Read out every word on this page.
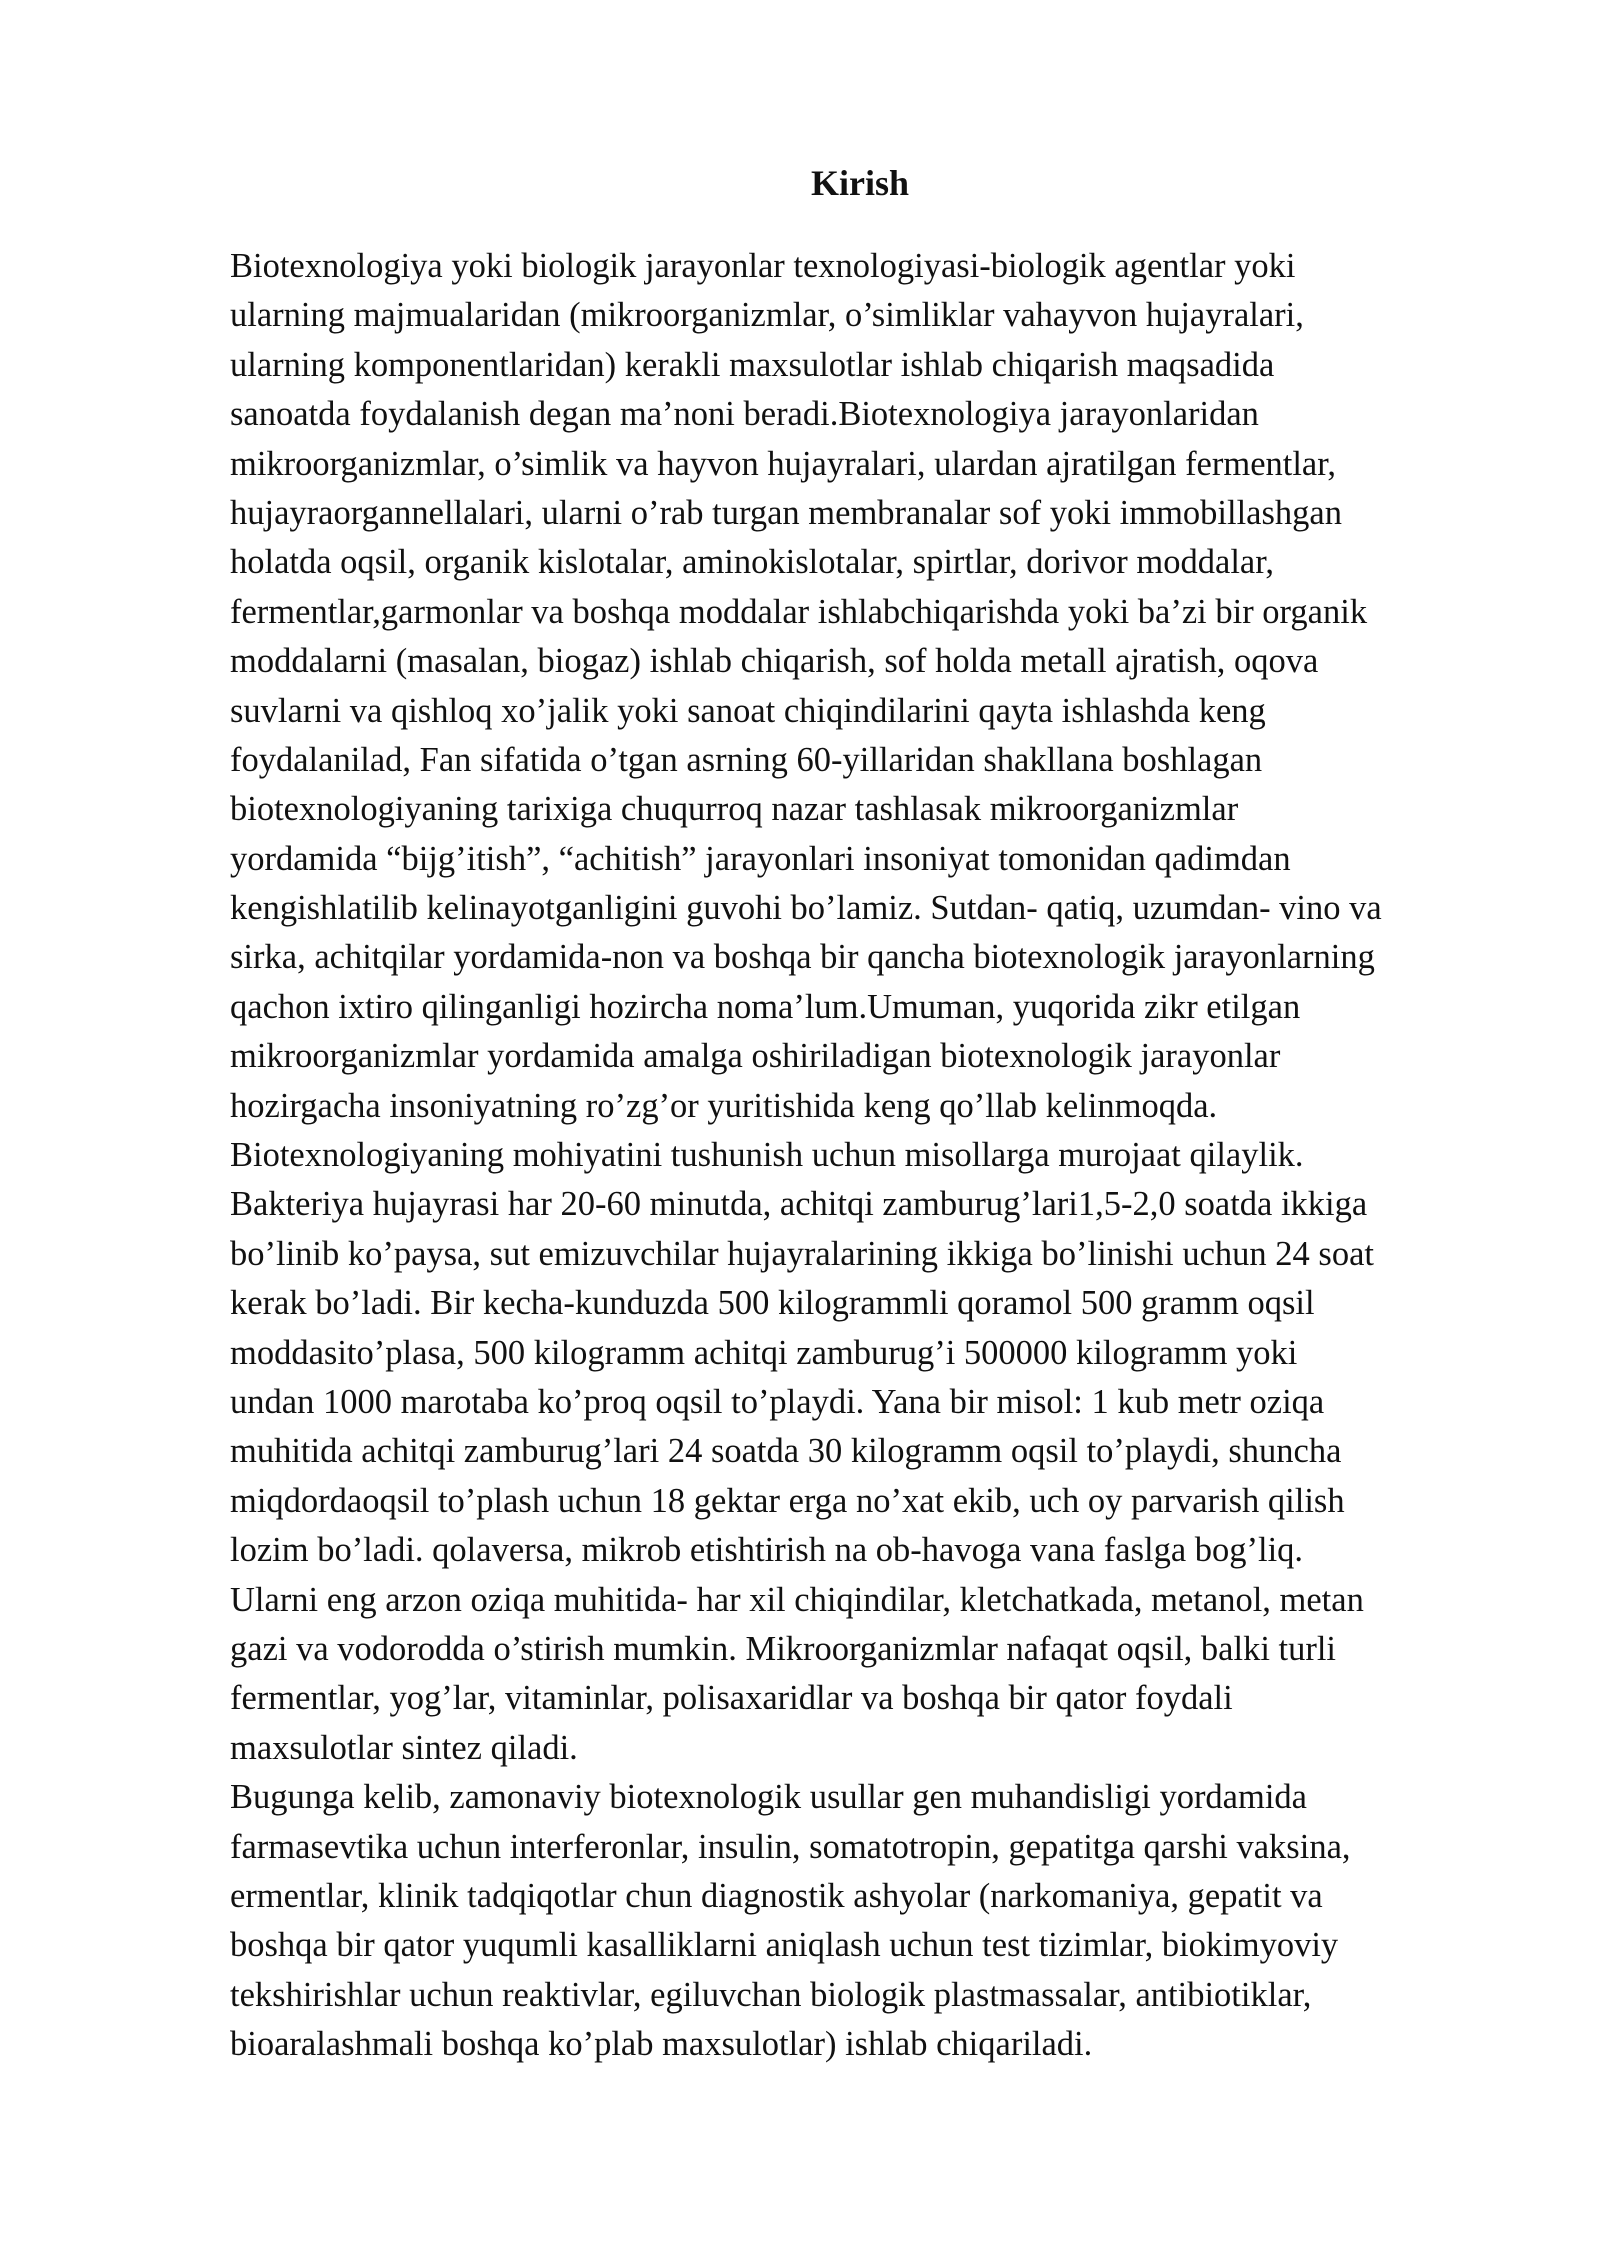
Kirish
Biotexnologiya yoki biologik jarayonlar texnologiyasi-biologik agentlar yoki
ularning majmualaridan (mikroorganizmlar, o’simliklar vahayvon hujayralari,
ularning komponentlaridan) kerakli maxsulotlar ishlab chiqarish maqsadida
sanoatda foydalanish degan ma’noni beradi.Biotexnologiya jarayonlaridan
mikroorganizmlar, o’simlik va hayvon hujayralari, ulardan ajratilgan fermentlar,
hujayraorgannellalari, ularni o’rab turgan membranalar sof yoki immobillashgan
holatda oqsil, organik kislotalar, aminokislotalar, spirtlar, dorivor moddalar,
fermentlar,garmonlar va boshqa moddalar ishlabchiqarishda yoki ba’zi bir organik
moddalarni (masalan, biogaz) ishlab chiqarish, sof holda metall ajratish, oqova
suvlarni va qishloq xo’jalik yoki sanoat chiqindilarini qayta ishlashda keng
foydalanilad, Fan sifatida o’tgan asrning 60-yillaridan shakllana boshlagan
biotexnologiyaning tarixiga chuqurroq nazar tashlasak mikroorganizmlar
yordamida “bijg’itish”, “achitish” jarayonlari insoniyat tomonidan qadimdan
kengishlatilib kelinayotganligini guvohi bo’lamiz. Sutdan- qatiq, uzumdan- vino va
sirka, achitqilar yordamida-non va boshqa bir qancha biotexnologik jarayonlarning
qachon ixtiro qilinganligi hozircha noma’lum.Umuman, yuqorida zikr etilgan
mikroorganizmlar yordamida amalga oshiriladigan biotexnologik jarayonlar
hozirgacha insoniyatning ro’zg’or yuritishida keng qo’llab kelinmoqda.
Biotexnologiyaning mohiyatini tushunish uchun misollarga murojaat qilaylik.
Bakteriya hujayrasi har 20-60 minutda, achitqi zamburug’lari1,5-2,0 soatda ikkiga
bo’linib ko’paysa, sut emizuvchilar hujayralarining ikkiga bo’linishi uchun 24 soat
kerak bo’ladi. Bir kecha-kunduzda 500 kilogrammli qoramol 500 gramm oqsil
moddasito’plasa, 500 kilogramm achitqi zamburug’i 500000 kilogramm yoki
undan 1000 marotaba ko’proq oqsil to’playdi. Yana bir misol: 1 kub metr oziqa
muhitida achitqi zamburug’lari 24 soatda 30 kilogramm oqsil to’playdi, shuncha
miqdordaoqsil to’plash uchun 18 gektar erga no’xat ekib, uch oy parvarish qilish
lozim bo’ladi. qolaversa, mikrob etishtirish na ob-havoga vana faslga bog’liq.
Ularni eng arzon oziqa muhitida- har xil chiqindilar, kletchatkada, metanol, metan
gazi va vodorodda o’stirish mumkin. Mikroorganizmlar nafaqat oqsil, balki turli
fermentlar, yog’lar, vitaminlar, polisaxaridlar va boshqa bir qator foydali
maxsulotlar sintez qiladi.
Bugunga kelib, zamonaviy biotexnologik usullar gen muhandisligi yordamida
farmasevtika uchun interferonlar, insulin, somatotropin, gepatitga qarshi vaksina,
ermentlar, klinik tadqiqotlar chun diagnostik ashyolar (narkomaniya, gepatit va
boshqa bir qator yuqumli kasalliklarni aniqlash uchun test tizimlar, biokimyoviy
tekshirishlar uchun reaktivlar, egiluvchan biologik plastmassalar, antibiotiklar,
bioaralashmali boshqa ko’plab maxsulotlar) ishlab chiqariladi.
